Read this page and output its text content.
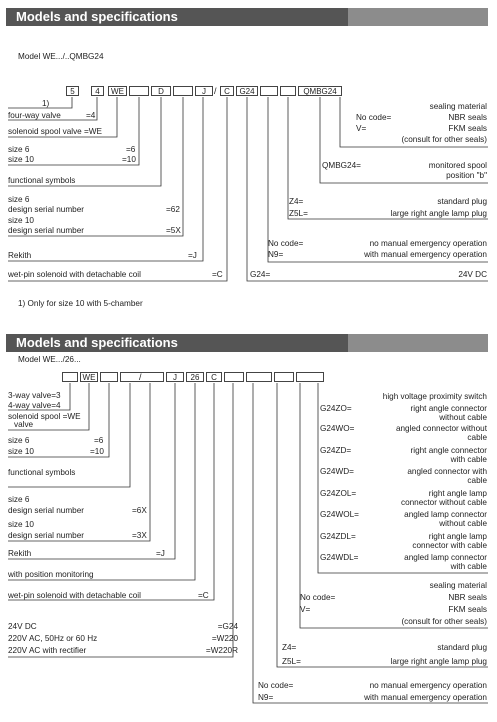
Models and specifications
Model WE.../..QMBG24
5	4	WE	D	J	C	G24	QMBG24
/
1)
four-way valve	=4
solenoid spool valve =WE
size 6	=6
size 10	=10
functional symbols
size 6
design serial number	=62
size 10
design serial number	=5X
Rekith	=J
wet-pin solenoid with detachable coil	=C
sealing material
No code=	NBR seals
V=	FKM seals
(consult for other seals)
QMBG24=	monitored spool
position "b"
Z4=	standard plug
Z5L=	large right angle lamp plug
No code=	no manual emergency operation
N9=	with manual emergency operation
G24=	24V DC
1) Only for size 10 with 5-chamber
Models and specifications
Model WE.../26...
WE	J	26	C
/
3-way valve=3
4-way valve=4
solenoid spool =WE
valve
size 6	=6
size 10	=10
functional symbols
size 6
design serial number	=6X
size 10
design serial number	=3X
Rekith	=J
with position monitoring
wet-pin solenoid with detachable coil	=C
24V DC	=G24
220V AC, 50Hz or 60 Hz	=W220
220V AC with rectifier	=W220R
high voltage proximity switch
G24ZO=	right angle connector
without cable
G24WO=	angled connector without
cable
G24ZD=	right angle connector
with cable
G24WD=	angled connector with
cable
G24ZOL=	right angle lamp
connector without cable
G24WOL=	angled lamp connector
without cable
G24ZDL=	right angle lamp
connector with cable
G24WDL=	angled lamp connector
with cable
sealing material
No code=	NBR seals
V=	FKM seals
(consult for other seals)
Z4=	standard plug
Z5L=	large right angle lamp plug
No code=	no manual emergency operation
N9=	with manual emergency operation
